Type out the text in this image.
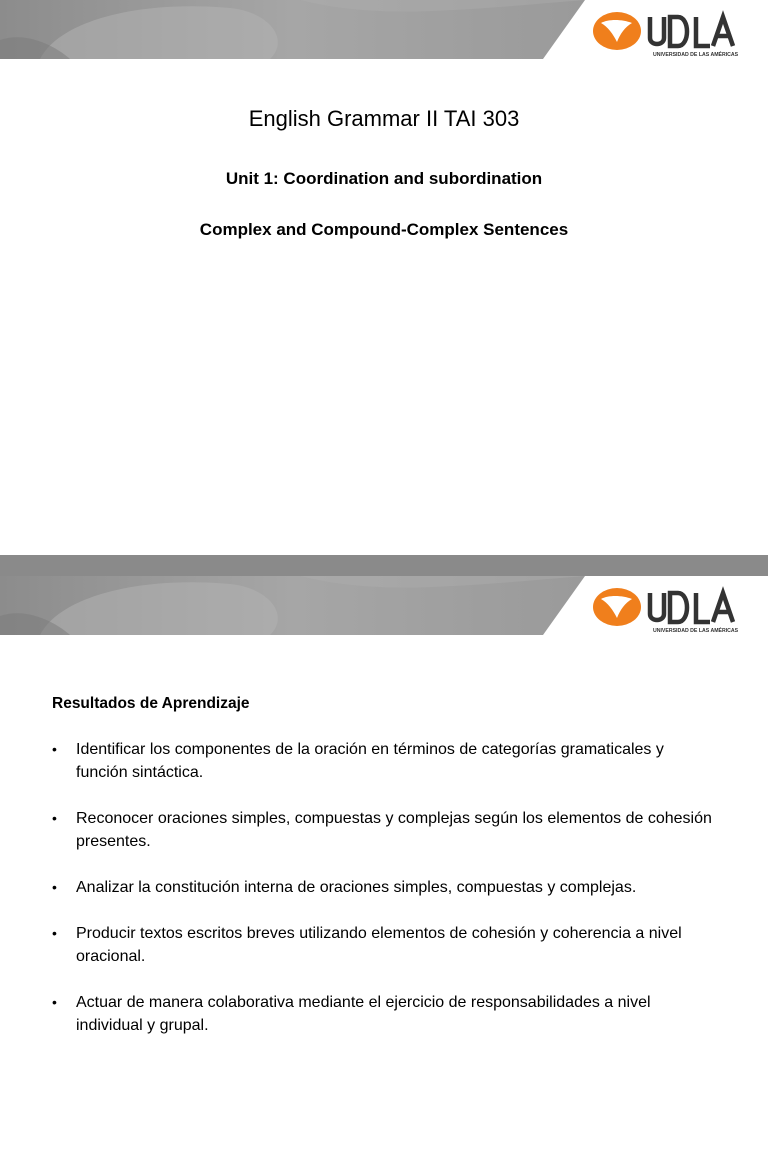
UNIVERSIDAD DE LAS AMÉRICAS
English Grammar II TAI 303

Unit 1: Coordination and subordination

Complex and Compound-Complex Sentences

UNIVERSIDAD DE LAS AMÉRICAS

Resultados de Aprendizaje

• Identificar los componentes de la oración en términos de categorías gramaticales y función sintáctica.
• Reconocer oraciones simples, compuestas y complejas según los elementos de cohesión presentes.
• Analizar la constitución interna de oraciones simples, compuestas y complejas.
• Producir textos escritos breves utilizando elementos de cohesión y coherencia a nivel oracional.
• Actuar de manera colaborativa mediante el ejercicio de responsabilidades a nivel individual y grupal.
